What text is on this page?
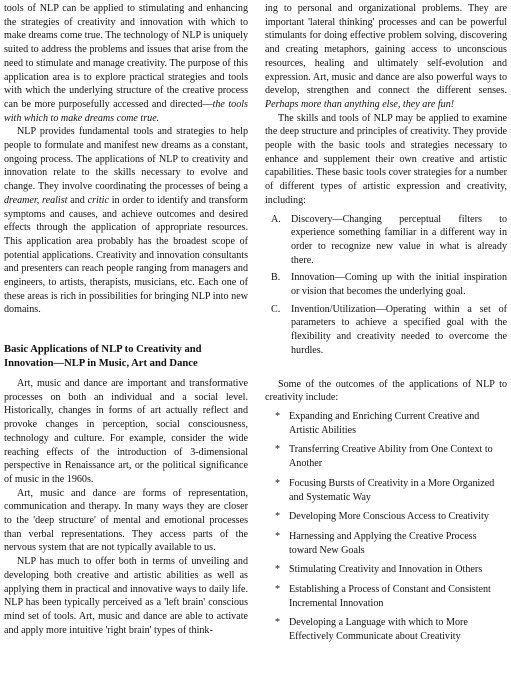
tools of NLP can be applied to stimulating and enhancing the strategies of creativity and innovation with which to make dreams come true. The technology of NLP is uniquely suited to address the problems and issues that arise from the need to stimulate and manage creativity. The purpose of this application area is to explore practical strategies and tools with which the underlying structure of the creative process can be more purposefully accessed and directed—the tools with which to make dreams come true.

NLP provides fundamental tools and strategies to help people to formulate and manifest new dreams as a constant, ongoing process. The applications of NLP to creativity and innovation relate to the skills necessary to evolve and change. They involve coordinating the processes of being a dreamer, realist and critic in order to identify and transform symptoms and causes, and achieve outcomes and desired effects through the application of appropriate resources. This application area probably has the broadest scope of potential applications. Creativity and innovation consultants and presenters can reach people ranging from managers and engineers, to artists, therapists, musicians, etc. Each one of these areas is rich in possibilities for bringing NLP into new domains.

Basic Applications of NLP to Creativity and Innovation—NLP in Music, Art and Dance

Art, music and dance are important and transformative processes on both an individual and a social level. Historically, changes in forms of art actually reflect and provoke changes in perception, social consciousness, technology and culture. For example, consider the wide reaching effects of the introduction of 3-dimensional perspective in Renaissance art, or the political significance of music in the 1960s.

Art, music and dance are forms of representation, communication and therapy. In many ways they are closer to the 'deep structure' of mental and emotional processes than verbal representations. They access parts of the nervous system that are not typically available to us.

NLP has much to offer both in terms of unveiling and developing both creative and artistic abilities as well as applying them in practical and innovative ways to daily life. NLP has been typically perceived as a 'left brain' conscious mind set of tools. Art, music and dance are able to activate and apply more intuitive 'right brain' types of think-

ing to personal and organizational problems. They are important 'lateral thinking' processes and can be powerful stimulants for doing effective problem solving, discovering and creating metaphors, gaining access to unconscious resources, healing and ultimately self-evolution and expression. Art, music and dance are also powerful ways to develop, strengthen and connect the different senses. Perhaps more than anything else, they are fun!

The skills and tools of NLP may be applied to examine the deep structure and principles of creativity. They provide people with the basic tools and strategies necessary to enhance and supplement their own creative and artistic capabilities. These basic tools cover strategies for a number of different types of artistic expression and creativity, including:

A.	Discovery—Changing perceptual filters to experience something familiar in a different way in order to recognize new value in what is already there.
B.	Innovation—Coming up with the initial inspiration or vision that becomes the underlying goal.
C.	Invention/Utilization—Operating within a set of parameters to achieve a specified goal with the flexibility and creativity needed to overcome the hurdles.

Some of the outcomes of the applications of NLP to creativity include:

* Expanding and Enriching Current Creative and Artistic Abilities
* Transferring Creative Ability from One Context to Another
* Focusing Bursts of Creativity in a More Organized and Systematic Way
* Developing More Conscious Access to Creativity
* Harnessing and Applying the Creative Process toward New Goals
* Stimulating Creativity and Innovation in Others
* Establishing a Process of Constant and Consistent Incremental Innovation
* Developing a Language with which to More Effectively Communicate about Creativity
